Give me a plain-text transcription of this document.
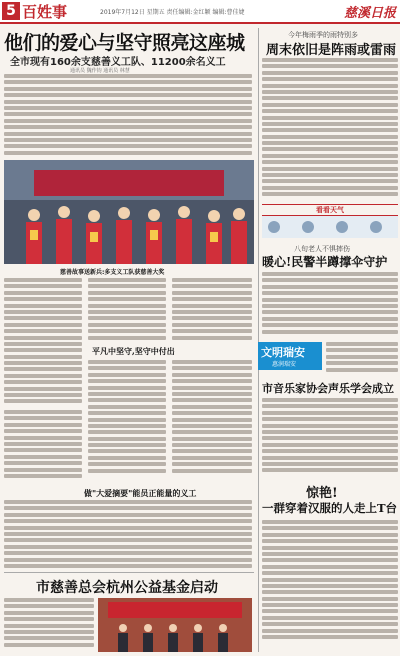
5 百姓事	2019年7月12日 星期五 责任编辑:金红颖 编辑:曹佳婕	慈溪日报
他们的爱心与坚守照亮这座城
全市现有160余支慈善义工队、11200余名义工
通讯员 魏作钧 通讯员 林慧
慈善故事送新兵:多支义工队获慈善大奖
平凡中坚守,坚守中付出
做"大爱摘要"能员正能量的义工
市慈善总会杭州公益基金启动
今年梅雨季的雨特别多
周末依旧是阵雨或雷雨
看看天气
八旬老人不惧摔伤
暖心!民警半蹲撑伞守护
文明瑞安
惠润瑞安
市音乐家协会声乐学会成立
惊艳!
一群穿着汉服的人走上T台
